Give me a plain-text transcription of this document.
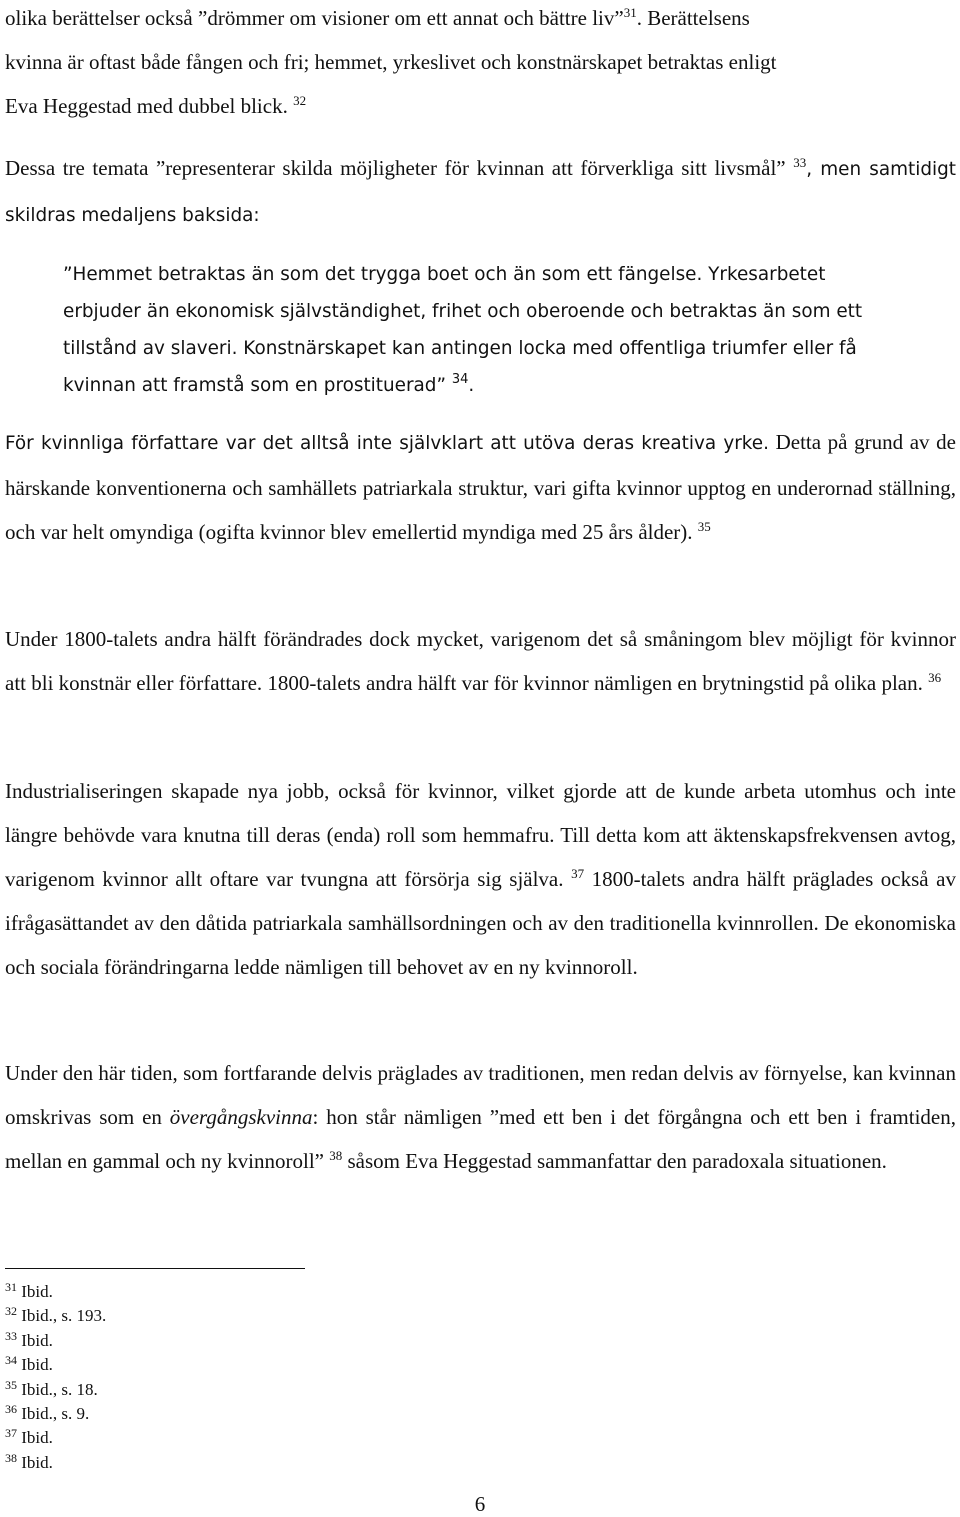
olika berättelser också ”drömmer om visioner om ett annat och bättre liv”$^{31}$. Berättelsens
kvinna är oftast både fången och fri; hemmet, yrkeslivet och konstnärskapet betraktas enligt
Eva Heggestad med dubbel blick. $^{32}$

Dessa tre temata ”representerar skilda möjligheter för kvinnan att förverkliga sitt livsmål” $^{33}$, men samtidigt skildras medaljens baksida:

”Hemmet betraktas än som det trygga boet och än som ett fängelse. Yrkesarbetet erbjuder än ekonomisk självständighet, frihet och oberoende och betraktas än som ett tillstånd av slaveri. Konstnärskapet kan antingen locka med offentliga triumfer eller få kvinnan att framstå som en prostituerad” $^{34}$.

För kvinnliga författare var det alltså inte självklart att utöva deras kreativa yrke. Detta på grund av de härskande konventionerna och samhällets patriarkala struktur, vari gifta kvinnor upptog en underornad ställning, och var helt omyndiga (ogifta kvinnor blev emellertid myndiga med 25 års ålder). $^{35}$

Under 1800-talets andra hälft förändrades dock mycket, varigenom det så småningom blev möjligt för kvinnor att bli konstnär eller författare. 1800-talets andra hälft var för kvinnor nämligen en brytningstid på olika plan. $^{36}$

Industrialiseringen skapade nya jobb, också för kvinnor, vilket gjorde att de kunde arbeta utomhus och inte längre behövde vara knutna till deras (enda) roll som hemmafru. Till detta kom att äktenskapsfrekvensen avtog, varigenom kvinnor allt oftare var tvungna att försörja sig själva. $^{37}$ 1800-talets andra hälft präglades också av ifrågasättandet av den dåtida patriarkala samhällsordningen och av den traditionella kvinnrollen. De ekonomiska och sociala förändringarna ledde nämligen till behovet av en ny kvinnoroll.

Under den här tiden, som fortfarande delvis präglades av traditionen, men redan delvis av förnyelse, kan kvinnan omskrivas som en övergångskvinna: hon står nämligen ”med ett ben i det förgångna och ett ben i framtiden, mellan en gammal och ny kvinnoroll” $^{38}$ såsom Eva Heggestad sammanfattar den paradoxala situationen.

$^{31}$ Ibid.
$^{32}$ Ibid., s. 193.
$^{33}$ Ibid.
$^{34}$ Ibid.
$^{35}$ Ibid., s. 18.
$^{36}$ Ibid., s. 9.
$^{37}$ Ibid.
$^{38}$ Ibid.
6
